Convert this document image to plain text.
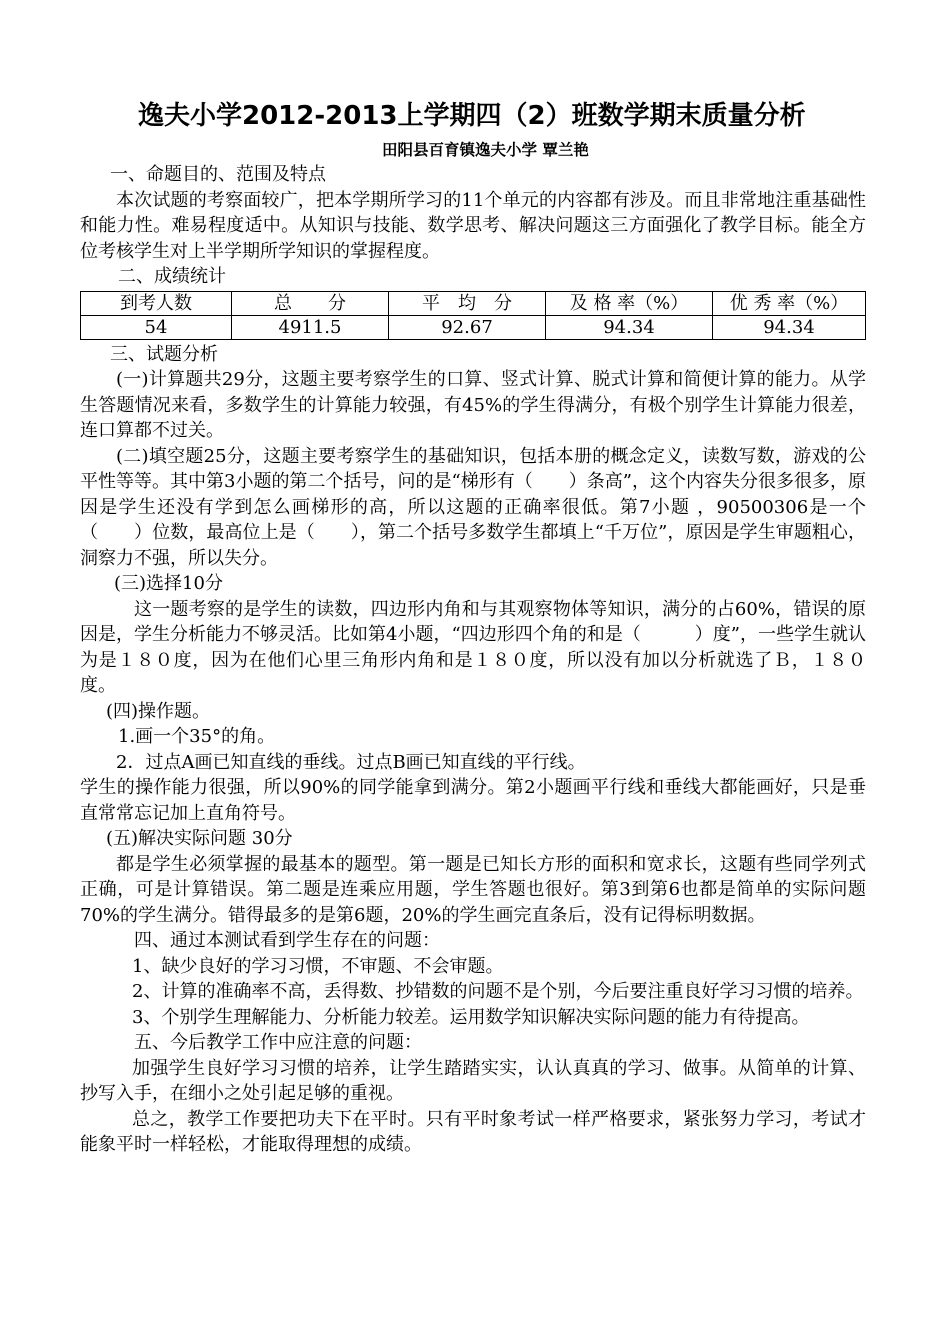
逸夫小学2012-2013上学期四（2）班数学期末质量分析
田阳县百育镇逸夫小学 覃兰艳

一、命题目的、范围及特点

本次试题的考察面较广，把本学期所学习的11个单元的内容都有涉及。而且非常地注重基础性和能力性。难易程度适中。从知识与技能、数学思考、解决问题这三方面强化了教学目标。能全方位考核学生对上半学期所学知识的掌握程度。

二、成绩统计

到考人数	总　　分	平　均　分	及 格 率（%）	优 秀 率（%）
54	4911.5	92.67	94.34	94.34

三、试题分析

(一)计算题共29分，这题主要考察学生的口算、竖式计算、脱式计算和简便计算的能力。从学生答题情况来看，多数学生的计算能力较强，有45%的学生得满分，有极个别学生计算能力很差，连口算都不过关。

(二)填空题25分，这题主要考察学生的基础知识，包括本册的概念定义，读数写数，游戏的公平性等等。其中第3小题的第二个括号，问的是“梯形有（　　）条高”，这个内容失分很多很多，原因是学生还没有学到怎么画梯形的高，所以这题的正确率很低。第7小题 ，90500306是一个（　　）位数，最高位上是（　　），第二个括号多数学生都填上“千万位”，原因是学生审题粗心，洞察力不强，所以失分。

(三)选择10分

这一题考察的是学生的读数，四边形内角和与其观察物体等知识，满分的占60%，错误的原因是，学生分析能力不够灵活。比如第4小题，“四边形四个角的和是（　　　）度”，一些学生就认为是１８０度，因为在他们心里三角形内角和是１８０度，所以没有加以分析就选了Ｂ，１８０度。

(四)操作题。

1.画一个35°的角。

2．过点A画已知直线的垂线。过点B画已知直线的平行线。

学生的操作能力很强，所以90%的同学能拿到满分。第2小题画平行线和垂线大都能画好，只是垂直常常忘记加上直角符号。

(五)解决实际问题 30分

都是学生必须掌握的最基本的题型。第一题是已知长方形的面积和宽求长，这题有些同学列式正确，可是计算错误。第二题是连乘应用题，学生答题也很好。第3到第6也都是简单的实际问题70%的学生满分。错得最多的是第6题，20%的学生画完直条后，没有记得标明数据。

四、通过本测试看到学生存在的问题：

1、缺少良好的学习习惯，不审题、不会审题。

2、计算的准确率不高，丢得数、抄错数的问题不是个别，今后要注重良好学习习惯的培养。

3、个别学生理解能力、分析能力较差。运用数学知识解决实际问题的能力有待提高。

五、今后教学工作中应注意的问题：

加强学生良好学习习惯的培养，让学生踏踏实实，认认真真的学习、做事。从简单的计算、抄写入手，在细小之处引起足够的重视。

总之，教学工作要把功夫下在平时。只有平时象考试一样严格要求，紧张努力学习，考试才能象平时一样轻松，才能取得理想的成绩。
